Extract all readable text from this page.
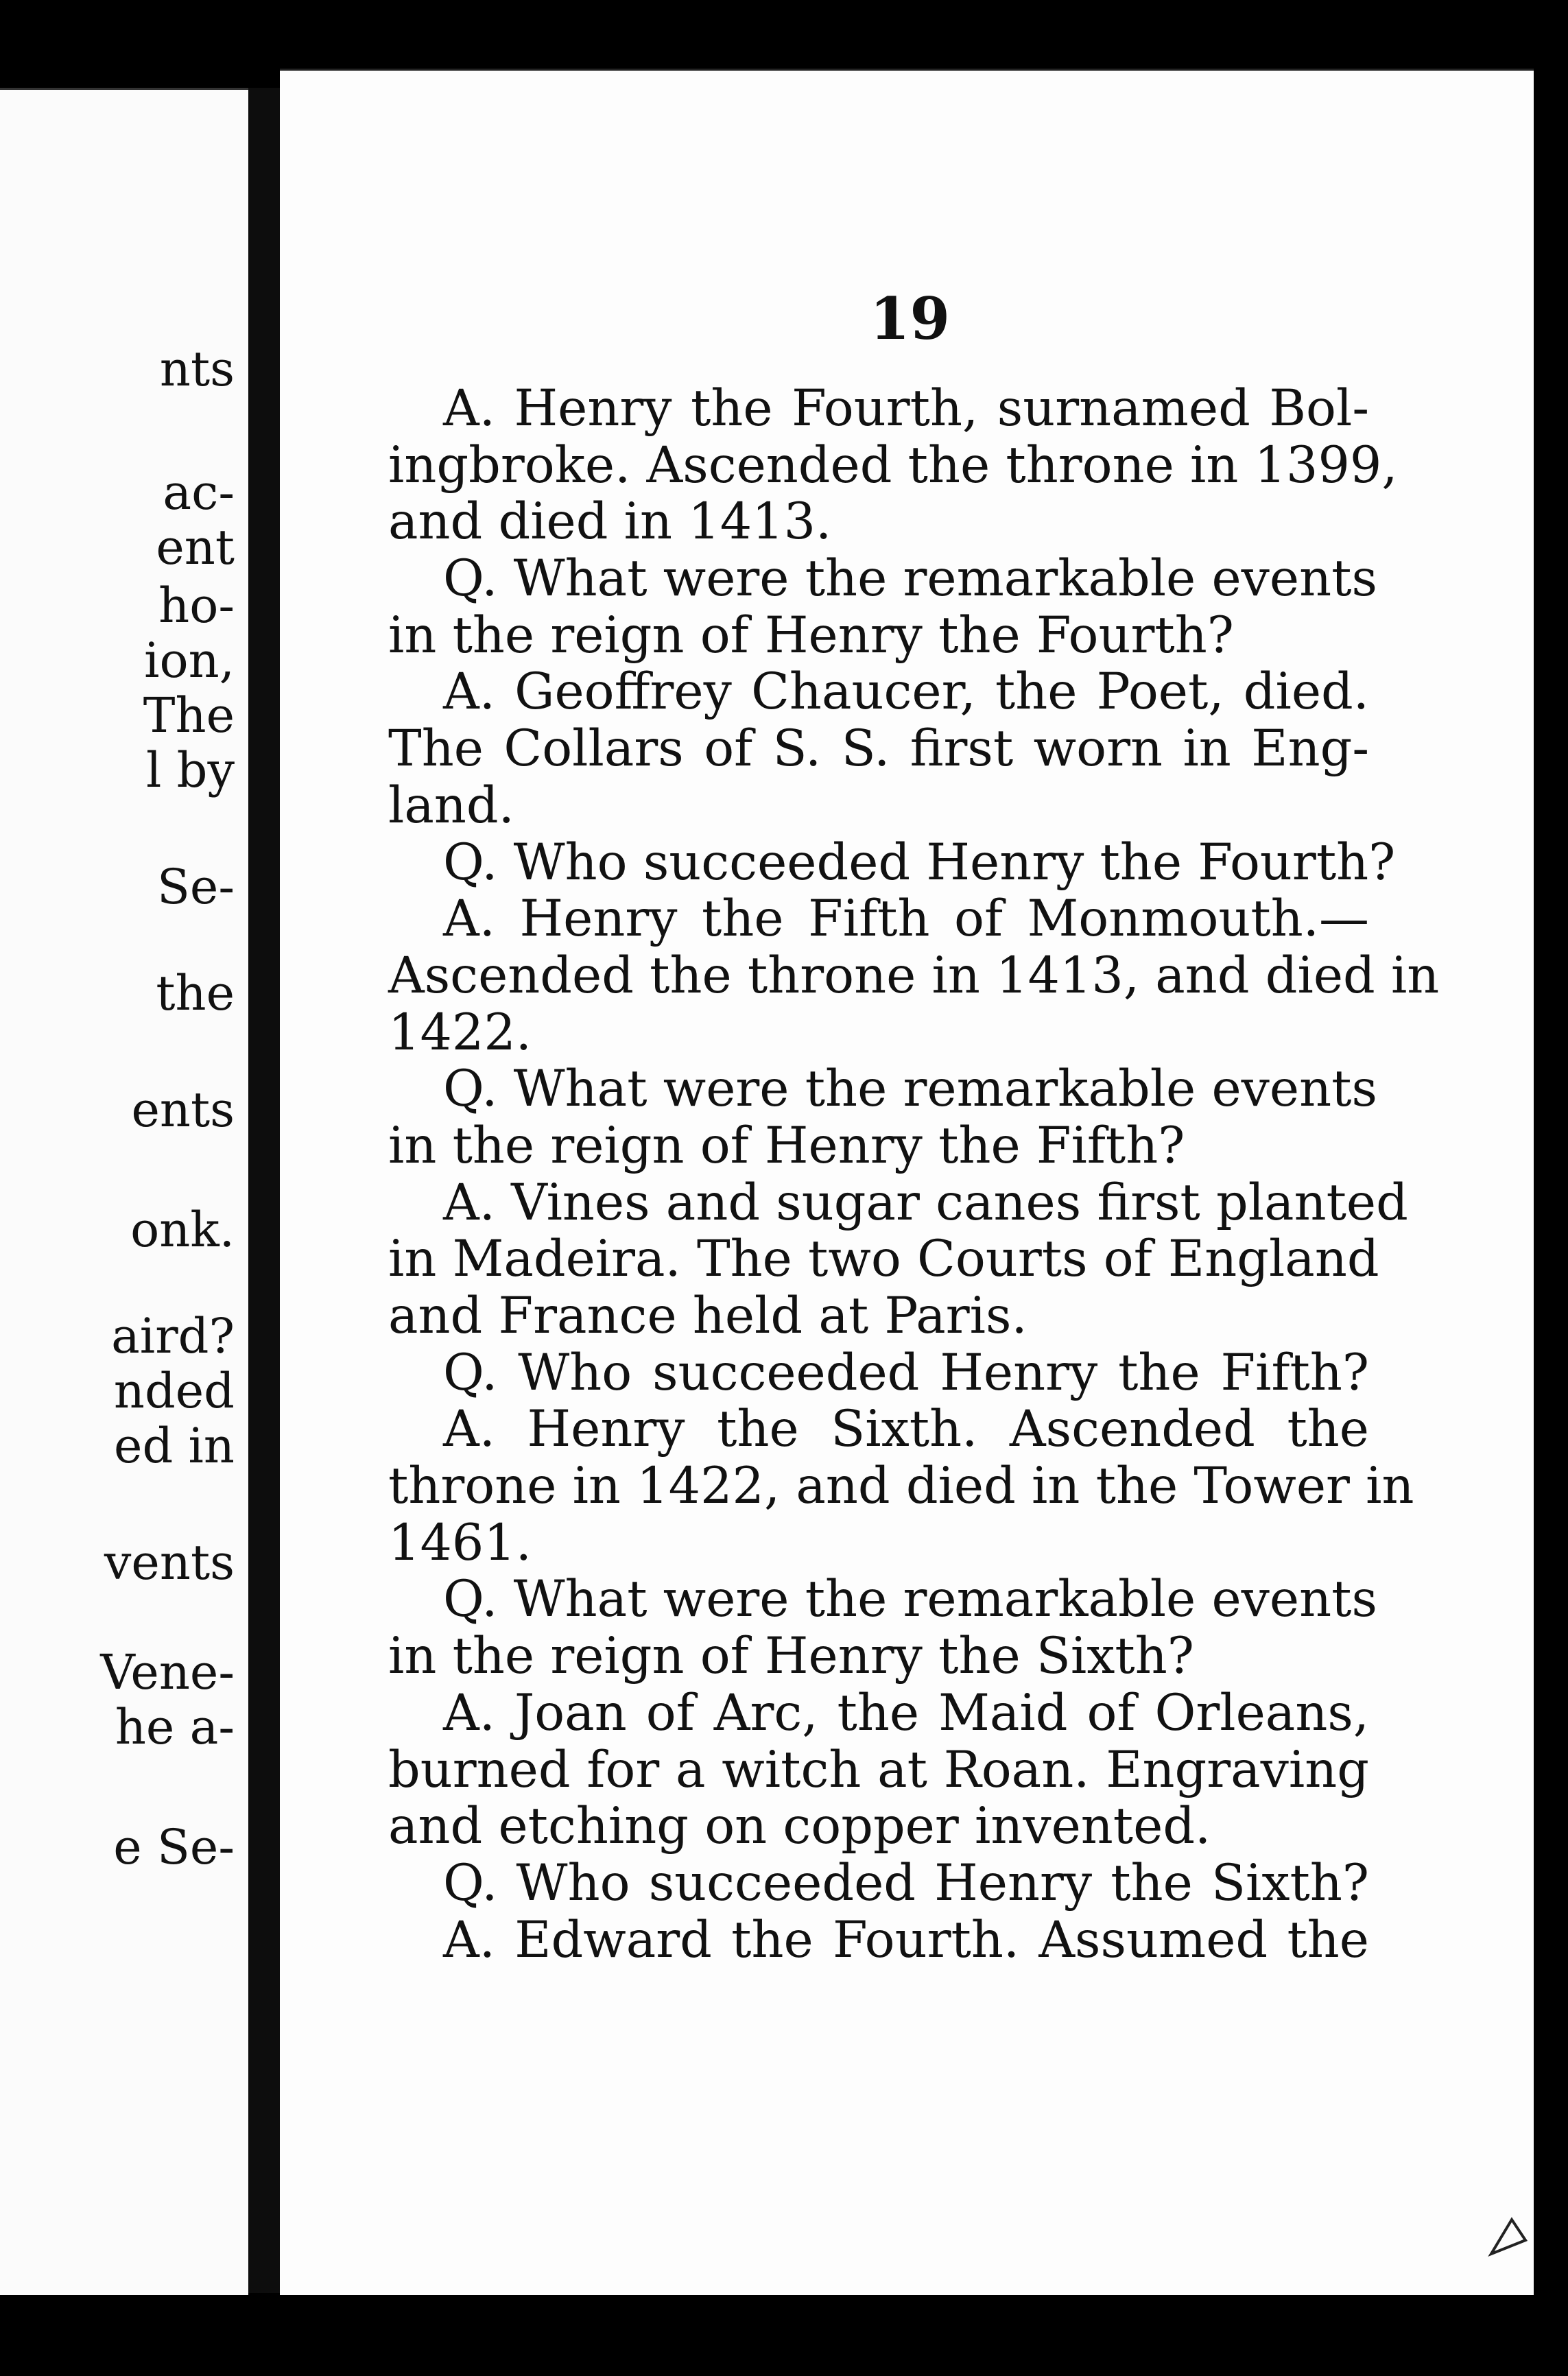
nts

ac-

ent

ho-

ion,

The

l by

Se-

the

ents

onk.

aird?

nded

ed in

vents

Vene-

he a-

e Se-

19

A. Henry the Fourth, surnamed Bol-

ingbroke. Ascended the throne in 1399,

and died in 1413.

Q. What were the remarkable events

in the reign of Henry the Fourth?

A. Geoffrey Chaucer, the Poet, died.

The Collars of S. S. first worn in Eng-

land.

Q. Who succeeded Henry the Fourth?

A. Henry the Fifth of Monmouth.—

Ascended the throne in 1413, and died in

1422.

Q. What were the remarkable events

in the reign of Henry the Fifth?

A. Vines and sugar canes first planted

in Madeira. The two Courts of England

and France held at Paris.

Q. Who succeeded Henry the Fifth?

A. Henry the Sixth. Ascended the

throne in 1422, and died in the Tower in

1461.

Q. What were the remarkable events

in the reign of Henry the Sixth?

A. Joan of Arc, the Maid of Orleans,

burned for a witch at Roan. Engraving

and etching on copper invented.

Q. Who succeeded Henry the Sixth?

A. Edward the Fourth. Assumed the
